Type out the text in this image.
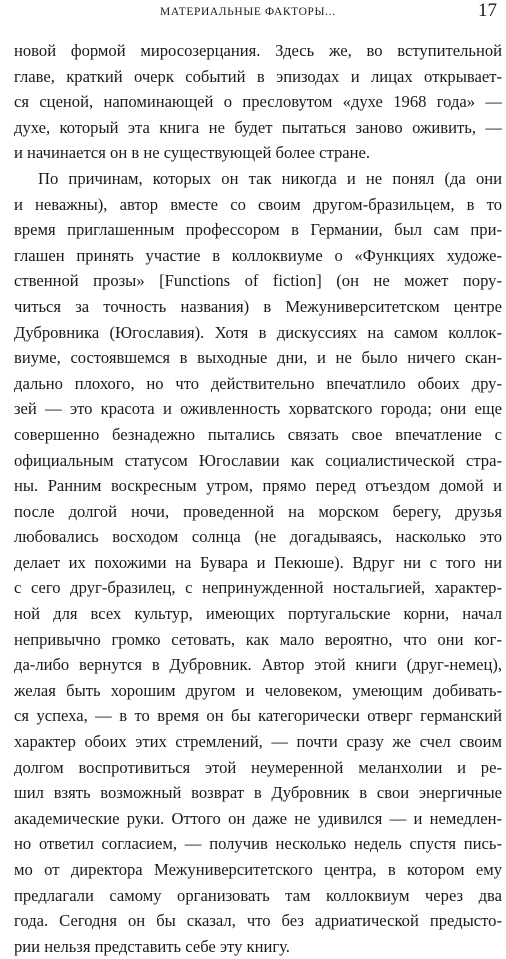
МАТЕРИАЛЬНЫЕ ФАКТОРЫ...	17
новой формой миросозерцания. Здесь же, во вступительной
главе, краткий очерк событий в эпизодах и лицах открывает-
ся сценой, напоминающей о пресловутом «духе 1968 года» —
духе, который эта книга не будет пытаться заново оживить, —
и начинается он в не существующей более стране.
По причинам, которых он так никогда и не понял (да они
и неважны), автор вместе со своим другом-бразильцем, в то
время приглашенным профессором в Германии, был сам при-
глашен принять участие в коллоквиуме о «Функциях художе-
ственной прозы» [Functions of fiction] (он не может пору-
читься за точность названия) в Межуниверситетском центре
Дубровника (Югославия). Хотя в дискуссиях на самом коллок-
виуме, состоявшемся в выходные дни, и не было ничего скан-
дально плохого, но что действительно впечатлило обоих дру-
зей — это красота и оживленность хорватского города; они еще
совершенно безнадежно пытались связать свое впечатление с
официальным статусом Югославии как социалистической стра-
ны. Ранним воскресным утром, прямо перед отъездом домой и
после долгой ночи, проведенной на морском берегу, друзья
любовались восходом солнца (не догадываясь, насколько это
делает их похожими на Бувара и Пекюше). Вдруг ни с того ни
с сего друг-бразилец, с непринужденной ностальгией, характер-
ной для всех культур, имеющих португальские корни, начал
непривычно громко сетовать, как мало вероятно, что они ког-
да-либо вернутся в Дубровник. Автор этой книги (друг-немец),
желая быть хорошим другом и человеком, умеющим добивать-
ся успеха, — в то время он бы категорически отверг германский
характер обоих этих стремлений, — почти сразу же счел своим
долгом воспротивиться этой неумеренной меланхолии и ре-
шил взять возможный возврат в Дубровник в свои энергичные
академические руки. Оттого он даже не удивился — и немедлен-
но ответил согласием, — получив несколько недель спустя пись-
мо от директора Межуниверситетского центра, в котором ему
предлагали самому организовать там коллоквиум через два
года. Сегодня он бы сказал, что без адриатической предысто-
рии нельзя представить себе эту книгу.
